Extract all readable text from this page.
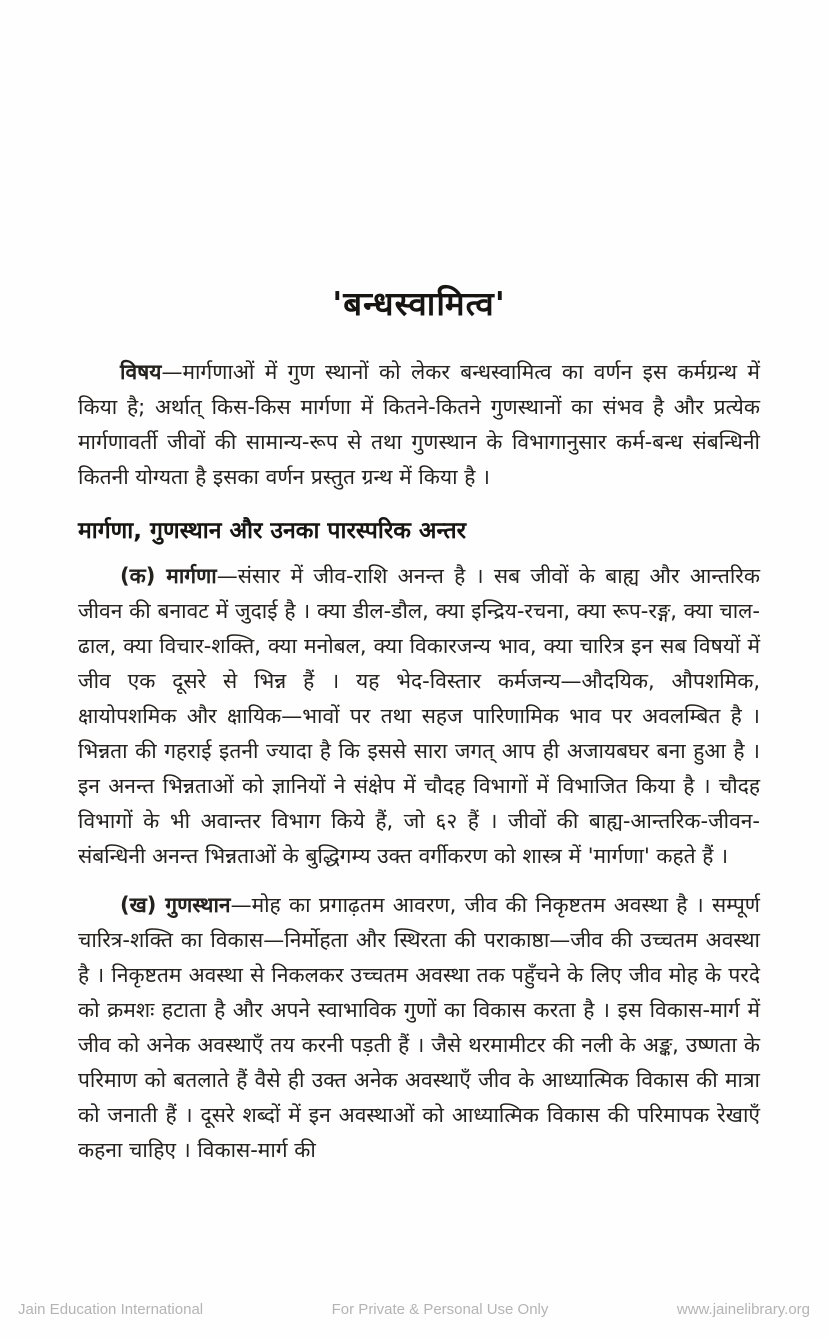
'बन्धस्वामित्व'

विषय—मार्गणाओं में गुण स्थानों को लेकर बन्धस्वामित्व का वर्णन इस कर्मग्रन्थ में किया है; अर्थात् किस-किस मार्गणा में कितने-कितने गुणस्थानों का संभव है और प्रत्येक मार्गणावर्ती जीवों की सामान्य-रूप से तथा गुणस्थान के विभागानुसार कर्म-बन्ध संबन्धिनी कितनी योग्यता है इसका वर्णन प्रस्तुत ग्रन्थ में किया है ।

मार्गणा, गुणस्थान और उनका पारस्परिक अन्तर

(क) मार्गणा—संसार में जीव-राशि अनन्त है । सब जीवों के बाह्य और आन्तरिक जीवन की बनावट में जुदाई है । क्या डील-डौल, क्या इन्द्रिय-रचना, क्या रूप-रङ्ग, क्या चाल-ढाल, क्या विचार-शक्ति, क्या मनोबल, क्या विकारजन्य भाव, क्या चारित्र इन सब विषयों में जीव एक दूसरे से भिन्न हैं । यह भेद-विस्तार कर्मजन्य—औदयिक, औपशमिक, क्षायोपशमिक और क्षायिक—भावों पर तथा सहज पारिणामिक भाव पर अवलम्बित है । भिन्नता की गहराई इतनी ज्यादा है कि इससे सारा जगत् आप ही अजायबघर बना हुआ है । इन अनन्त भिन्नताओं को ज्ञानियों ने संक्षेप में चौदह विभागों में विभाजित किया है । चौदह विभागों के भी अवान्तर विभाग किये हैं, जो ६२ हैं । जीवों की बाह्य-आन्तरिक-जीवन-संबन्धिनी अनन्त भिन्नताओं के बुद्धिगम्य उक्त वर्गीकरण को शास्त्र में 'मार्गणा' कहते हैं ।

(ख) गुणस्थान—मोह का प्रगाढ़तम आवरण, जीव की निकृष्टतम अवस्था है । सम्पूर्ण चारित्र-शक्ति का विकास—निर्मोहता और स्थिरता की पराकाष्ठा—जीव की उच्चतम अवस्था है । निकृष्टतम अवस्था से निकलकर उच्चतम अवस्था तक पहुँचने के लिए जीव मोह के परदे को क्रमशः हटाता है और अपने स्वाभाविक गुणों का विकास करता है । इस विकास-मार्ग में जीव को अनेक अवस्थाएँ तय करनी पड़ती हैं । जैसे थरमामीटर की नली के अङ्क, उष्णता के परिमाण को बतलाते हैं वैसे ही उक्त अनेक अवस्थाएँ जीव के आध्यात्मिक विकास की मात्रा को जनाती हैं । दूसरे शब्दों में इन अवस्थाओं को आध्यात्मिक विकास की परिमापक रेखाएँ कहना चाहिए । विकास-मार्ग की

Jain Education International	For Private & Personal Use Only	www.jainelibrary.org
